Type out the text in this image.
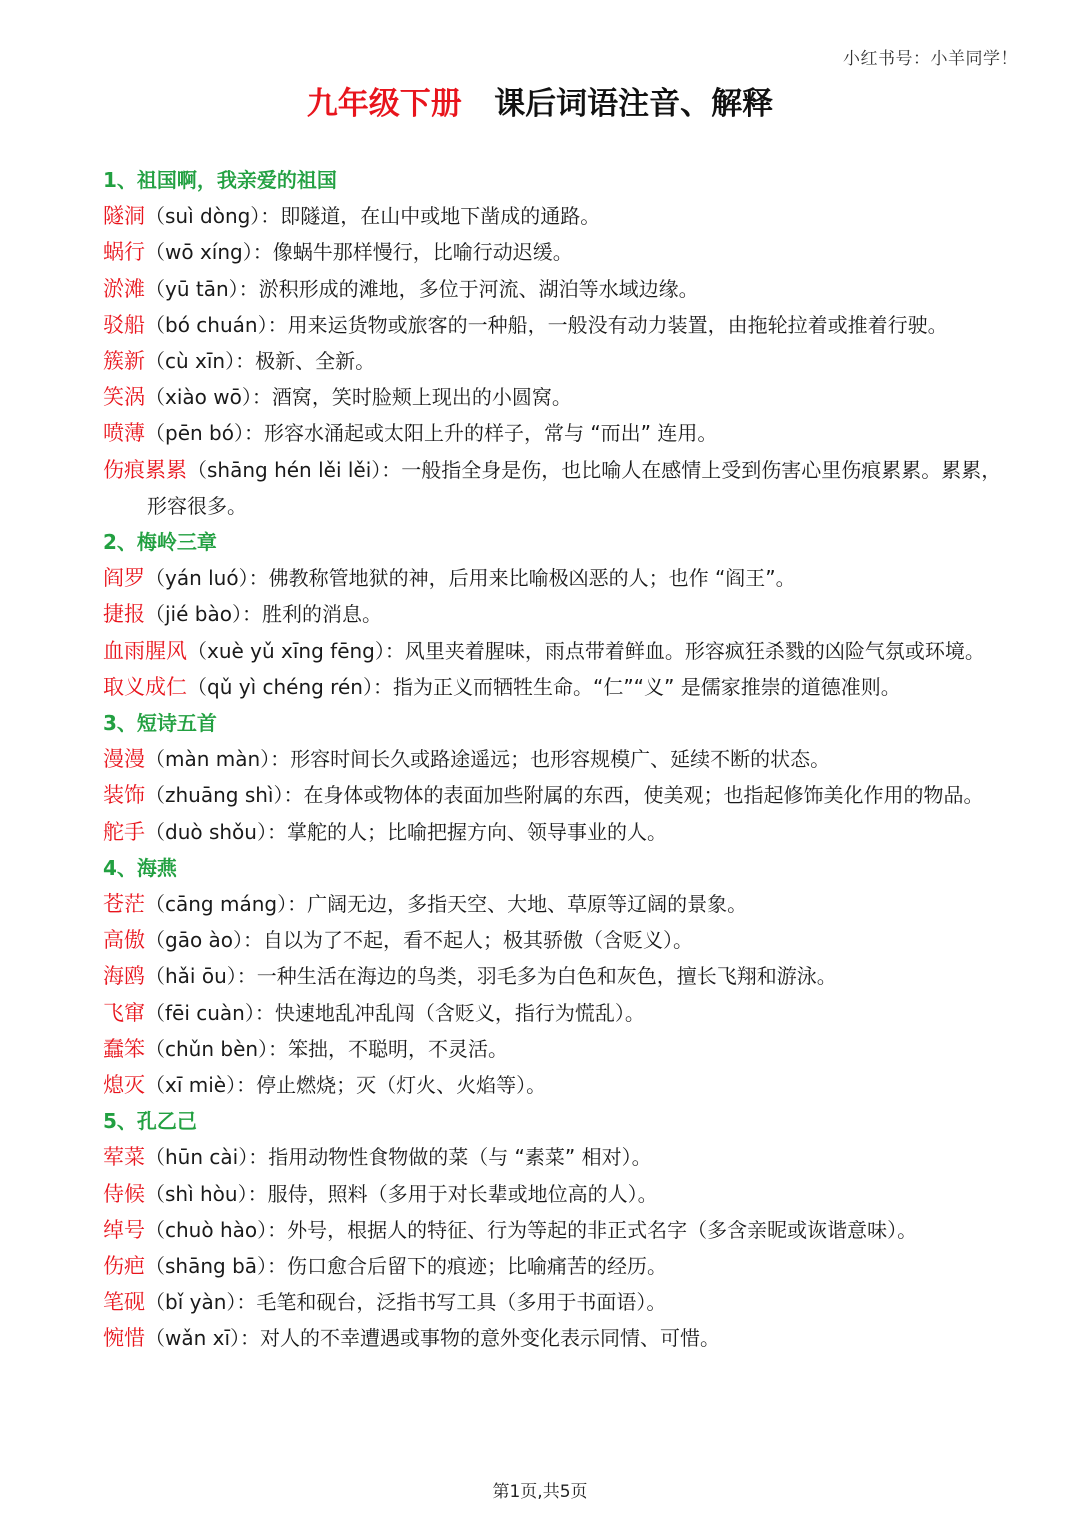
小红书号：小羊同学！
九年级下册 课后词语注音、解释
1、祖国啊，我亲爱的祖国
隧洞（suì dòng）：即隧道，在山中或地下凿成的通路。
蜗行（wō xíng）：像蜗牛那样慢行，比喻行动迟缓。
淤滩（yū tān）：淤积形成的滩地，多位于河流、湖泊等水域边缘。
驳船（bó chuán）：用来运货物或旅客的一种船，一般没有动力装置，由拖轮拉着或推着行驶。
簇新（cù xīn）：极新、全新。
笑涡（xiào wō）：酒窝，笑时脸颊上现出的小圆窝。
喷薄（pēn bó）：形容水涌起或太阳上升的样子，常与 “而出” 连用。
伤痕累累（shāng hén lěi lěi）：一般指全身是伤，也比喻人在感情上受到伤害心里伤痕累累。累累，形容很多。
2、梅岭三章
阎罗（yán luó）：佛教称管地狱的神，后用来比喻极凶恶的人；也作 “阎王”。
捷报（jié bào）：胜利的消息。
血雨腥风（xuè yǔ xīng fēng）：风里夹着腥味，雨点带着鲜血。形容疯狂杀戮的凶险气氛或环境。
取义成仁（qǔ yì chéng rén）：指为正义而牺牲生命。“仁”“义” 是儒家推崇的道德准则。
3、短诗五首
漫漫（màn màn）：形容时间长久或路途遥远；也形容规模广、延续不断的状态。
装饰（zhuāng shì）：在身体或物体的表面加些附属的东西，使美观；也指起修饰美化作用的物品。
舵手（duò shǒu）：掌舵的人；比喻把握方向、领导事业的人。
4、海燕
苍茫（cāng máng）：广阔无边，多指天空、大地、草原等辽阔的景象。
高傲（gāo ào）：自以为了不起，看不起人；极其骄傲（含贬义）。
海鸥（hǎi ōu）：一种生活在海边的鸟类，羽毛多为白色和灰色，擅长飞翔和游泳。
飞窜（fēi cuàn）：快速地乱冲乱闯（含贬义，指行为慌乱）。
蠢笨（chǔn bèn）：笨拙，不聪明，不灵活。
熄灭（xī miè）：停止燃烧；灭（灯火、火焰等）。
5、孔乙己
荤菜（hūn cài）：指用动物性食物做的菜（与 “素菜” 相对）。
侍候（shì hòu）：服侍，照料（多用于对长辈或地位高的人）。
绰号（chuò hào）：外号，根据人的特征、行为等起的非正式名字（多含亲昵或诙谐意味）。
伤疤（shāng bā）：伤口愈合后留下的痕迹；比喻痛苦的经历。
笔砚（bǐ yàn）：毛笔和砚台，泛指书写工具（多用于书面语）。
惋惜（wǎn xī）：对人的不幸遭遇或事物的意外变化表示同情、可惜。
第1页,共5页
